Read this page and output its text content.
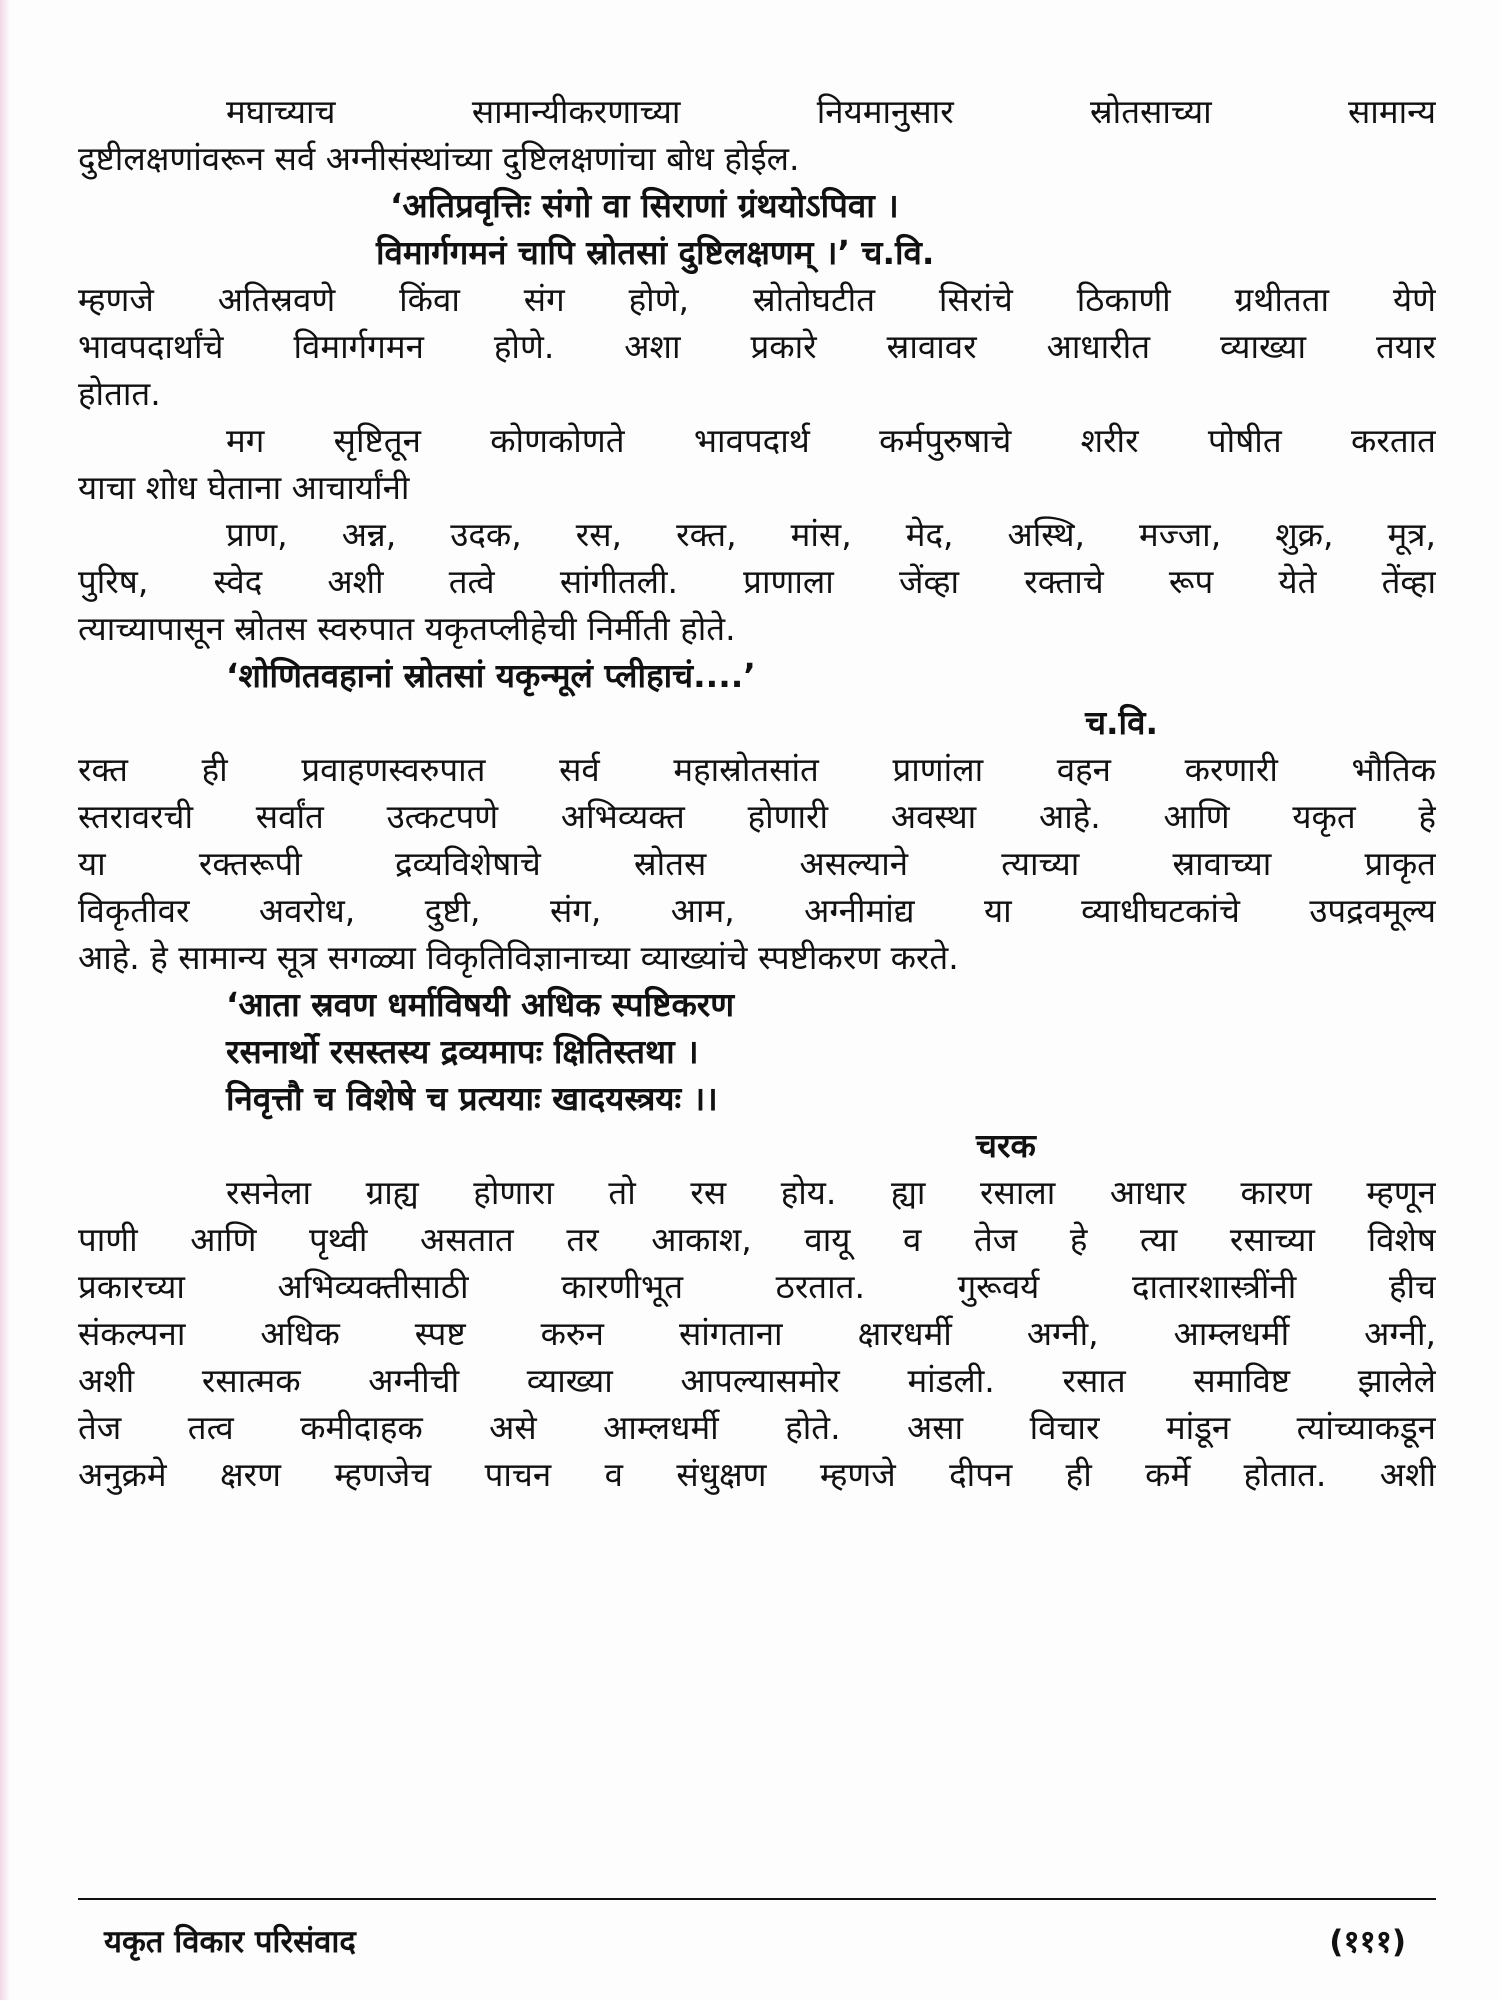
मघाच्याच सामान्यीकरणाच्या नियमानुसार स्रोतसाच्या सामान्य
दुष्टीलक्षणांवरून सर्व अग्नीसंस्थांच्या दुष्टिलक्षणांचा बोध होईल.
‘अतिप्रवृत्तिः संगो वा सिराणां ग्रंथयोऽपिवा ।
विमार्गगमनं चापि स्रोतसां दुष्टिलक्षणम् ।’ च.वि.
म्हणजे अतिस्रवणे किंवा संग होणे, स्रोतोघटीत सिरांचे ठिकाणी ग्रथीतता येणे
भावपदार्थांचे विमार्गगमन होणे. अशा प्रकारे स्रावावर आधारीत व्याख्या तयार
होतात.
मग सृष्टितून कोणकोणते भावपदार्थ कर्मपुरुषाचे शरीर पोषीत करतात
याचा शोध घेताना आचार्यांनी
प्राण, अन्न, उदक, रस, रक्त, मांस, मेद, अस्थि, मज्जा, शुक्र, मूत्र,
पुरिष, स्वेद अशी तत्वे सांगीतली. प्राणाला जेंव्हा रक्ताचे रूप येते तेंव्हा
त्याच्यापासून स्रोतस स्वरुपात यकृतप्लीहेची निर्मीती होते.
‘शोणितवहानां स्रोतसां यकृन्मूलं प्लीहाचं....’
च.वि.
रक्त ही प्रवाहणस्वरुपात सर्व महास्रोतसांत प्राणांला वहन करणारी भौतिक
स्तरावरची सर्वांत उत्कटपणे अभिव्यक्त होणारी अवस्था आहे. आणि यकृत हे
या रक्तरूपी द्रव्यविशेषाचे स्रोतस असल्याने त्याच्या स्रावाच्या प्राकृत
विकृतीवर अवरोध, दुष्टी, संग, आम, अग्नीमांद्य या व्याधीघटकांचे उपद्रवमूल्य
आहे. हे सामान्य सूत्र सगळ्या विकृतिविज्ञानाच्या व्याख्यांचे स्पष्टीकरण करते.
‘आता स्रवण धर्माविषयी अधिक स्पष्टिकरण
रसनार्थो रसस्तस्य द्रव्यमापः क्षितिस्तथा ।
निवृत्तौ च विशेषे च प्रत्ययाः खादयस्त्रयः ।।
चरक
रसनेला ग्राह्य होणारा तो रस होय. ह्या रसाला आधार कारण म्हणून
पाणी आणि पृथ्वी असतात तर आकाश, वायू व तेज हे त्या रसाच्या विशेष
प्रकारच्या अभिव्यक्तीसाठी कारणीभूत ठरतात. गुरूवर्य दातारशास्त्रींनी हीच
संकल्पना अधिक स्पष्ट करुन सांगताना क्षारधर्मी अग्नी, आम्लधर्मी अग्नी,
अशी रसात्मक अग्नीची व्याख्या आपल्यासमोर मांडली. रसात समाविष्ट झालेले
तेज तत्व कमीदाहक असे आम्लधर्मी होते. असा विचार मांडून त्यांच्याकडून
अनुक्रमे क्षरण म्हणजेच पाचन व संधुक्षण म्हणजे दीपन ही कर्मे होतात. अशी
यकृत विकार परिसंवाद	(१११)
